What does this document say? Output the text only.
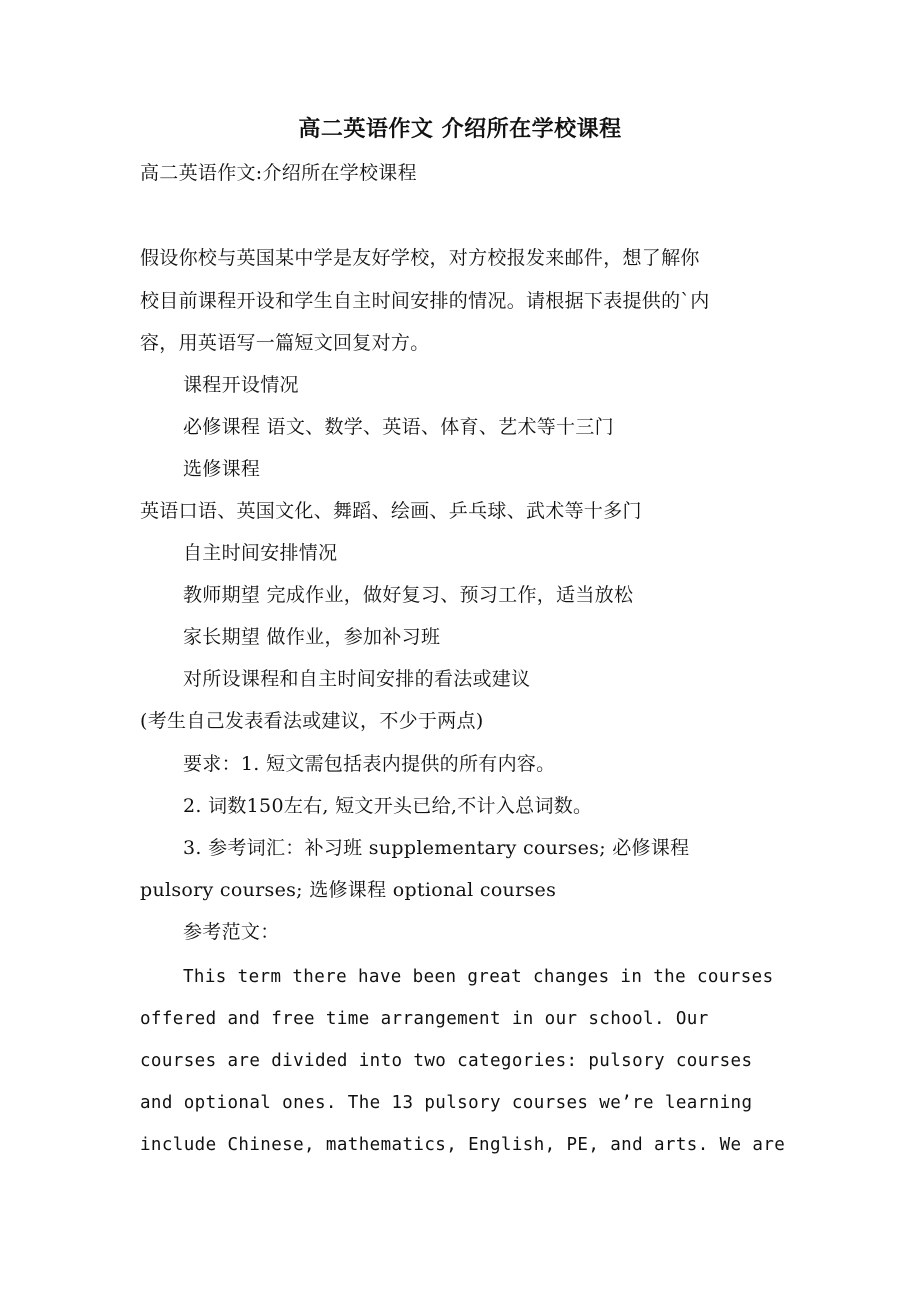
高二英语作文 介绍所在学校课程
高二英语作文:介绍所在学校课程
假设你校与英国某中学是友好学校，对方校报发来邮件，想了解你
校目前课程开设和学生自主时间安排的情况。请根据下表提供的`内
容，用英语写一篇短文回复对方。
课程开设情况
必修课程 语文、数学、英语、体育、艺术等十三门
选修课程
英语口语、英国文化、舞蹈、绘画、乒乓球、武术等十多门
自主时间安排情况
教师期望 完成作业，做好复习、预习工作，适当放松
家长期望 做作业，参加补习班
对所设课程和自主时间安排的看法或建议
(考生自己发表看法或建议，不少于两点)
要求：1. 短文需包括表内提供的所有内容。
2. 词数150左右, 短文开头已给,不计入总词数。
3. 参考词汇：补习班 supplementary courses; 必修课程
pulsory courses; 选修课程 optional courses
参考范文：
This term there have been great changes in the courses
offered and free time arrangement in our school. Our
courses are divided into two categories: pulsory courses
and optional ones. The 13 pulsory courses we’re learning
include Chinese, mathematics, English, PE, and arts. We are
